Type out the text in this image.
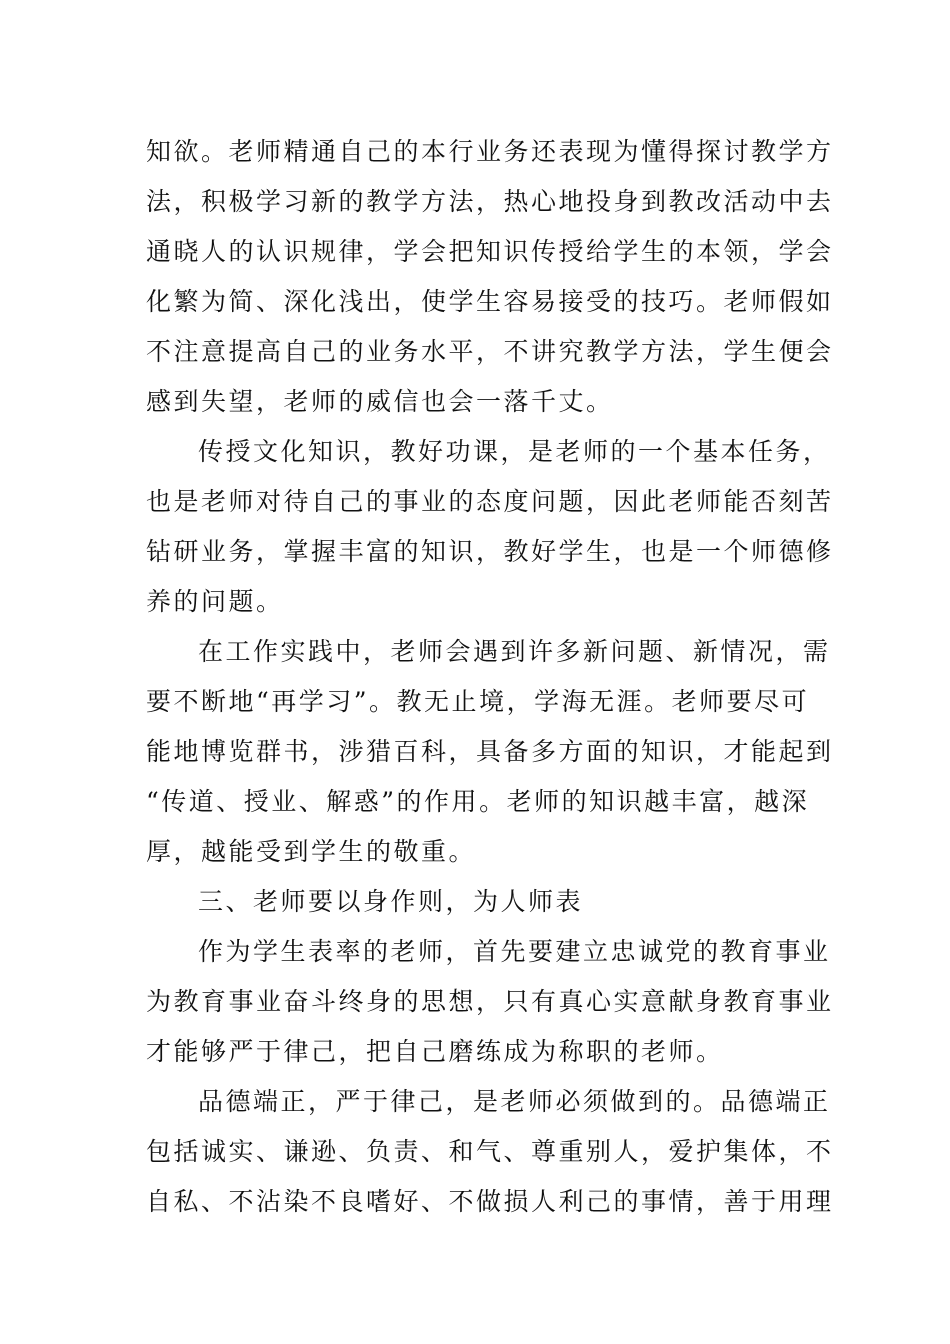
知欲。老师精通自己的本行业务还表现为懂得探讨教学方
法，积极学习新的教学方法，热心地投身到教改活动中去
通晓人的认识规律，学会把知识传授给学生的本领，学会
化繁为简、深化浅出，使学生容易接受的技巧。老师假如
不注意提高自己的业务水平，不讲究教学方法，学生便会
感到失望，老师的威信也会一落千丈。

传授文化知识，教好功课，是老师的一个基本任务，
也是老师对待自己的事业的态度问题，因此老师能否刻苦
钻研业务，掌握丰富的知识，教好学生，也是一个师德修
养的问题。

在工作实践中，老师会遇到许多新问题、新情况，需
要不断地“再学习”。教无止境，学海无涯。老师要尽可
能地博览群书，涉猎百科，具备多方面的知识，才能起到
“传道、授业、解惑”的作用。老师的知识越丰富，越深
厚，越能受到学生的敬重。

三、老师要以身作则，为人师表

作为学生表率的老师，首先要建立忠诚党的教育事业
为教育事业奋斗终身的思想，只有真心实意献身教育事业
才能够严于律己，把自己磨练成为称职的老师。

品德端正，严于律己，是老师必须做到的。品德端正
包括诚实、谦逊、负责、和气、尊重别人，爱护集体，不
自私、不沾染不良嗜好、不做损人利己的事情，善于用理
